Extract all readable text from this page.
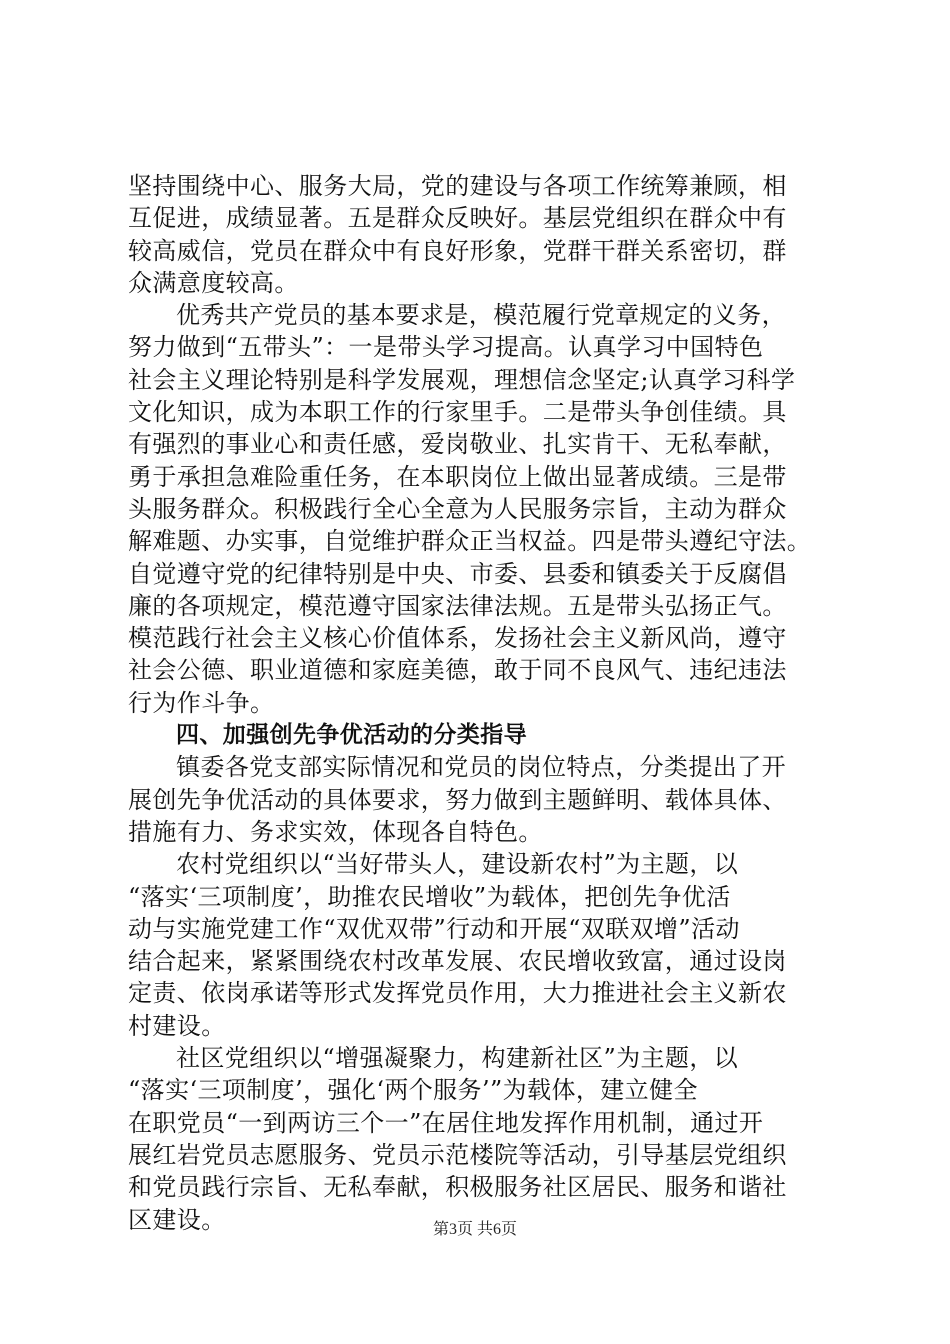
坚持围绕中心、服务大局，党的建设与各项工作统筹兼顾，相
互促进，成绩显著。五是群众反映好。基层党组织在群众中有
较高威信，党员在群众中有良好形象，党群干群关系密切，群
众满意度较高。
优秀共产党员的基本要求是，模范履行党章规定的义务，
努力做到“五带头”：一是带头学习提高。认真学习中国特色
社会主义理论特别是科学发展观，理想信念坚定;认真学习科学
文化知识，成为本职工作的行家里手。二是带头争创佳绩。具
有强烈的事业心和责任感，爱岗敬业、扎实肯干、无私奉献，
勇于承担急难险重任务，在本职岗位上做出显著成绩。三是带
头服务群众。积极践行全心全意为人民服务宗旨，主动为群众
解难题、办实事，自觉维护群众正当权益。四是带头遵纪守法。
自觉遵守党的纪律特别是中央、市委、县委和镇委关于反腐倡
廉的各项规定，模范遵守国家法律法规。五是带头弘扬正气。
模范践行社会主义核心价值体系，发扬社会主义新风尚，遵守
社会公德、职业道德和家庭美德，敢于同不良风气、违纪违法
行为作斗争。
四、加强创先争优活动的分类指导
镇委各党支部实际情况和党员的岗位特点，分类提出了开
展创先争优活动的具体要求，努力做到主题鲜明、载体具体、
措施有力、务求实效，体现各自特色。
农村党组织以“当好带头人，建设新农村”为主题，以
“落实‘三项制度’，助推农民增收”为载体，把创先争优活
动与实施党建工作“双优双带”行动和开展“双联双增”活动
结合起来，紧紧围绕农村改革发展、农民增收致富，通过设岗
定责、依岗承诺等形式发挥党员作用，大力推进社会主义新农
村建设。
社区党组织以“增强凝聚力，构建新社区”为主题，以
“落实‘三项制度’，强化‘两个服务’”为载体，建立健全
在职党员“一到两访三个一”在居住地发挥作用机制，通过开
展红岩党员志愿服务、党员示范楼院等活动，引导基层党组织
和党员践行宗旨、无私奉献，积极服务社区居民、服务和谐社
区建设。	第3页 共6页
